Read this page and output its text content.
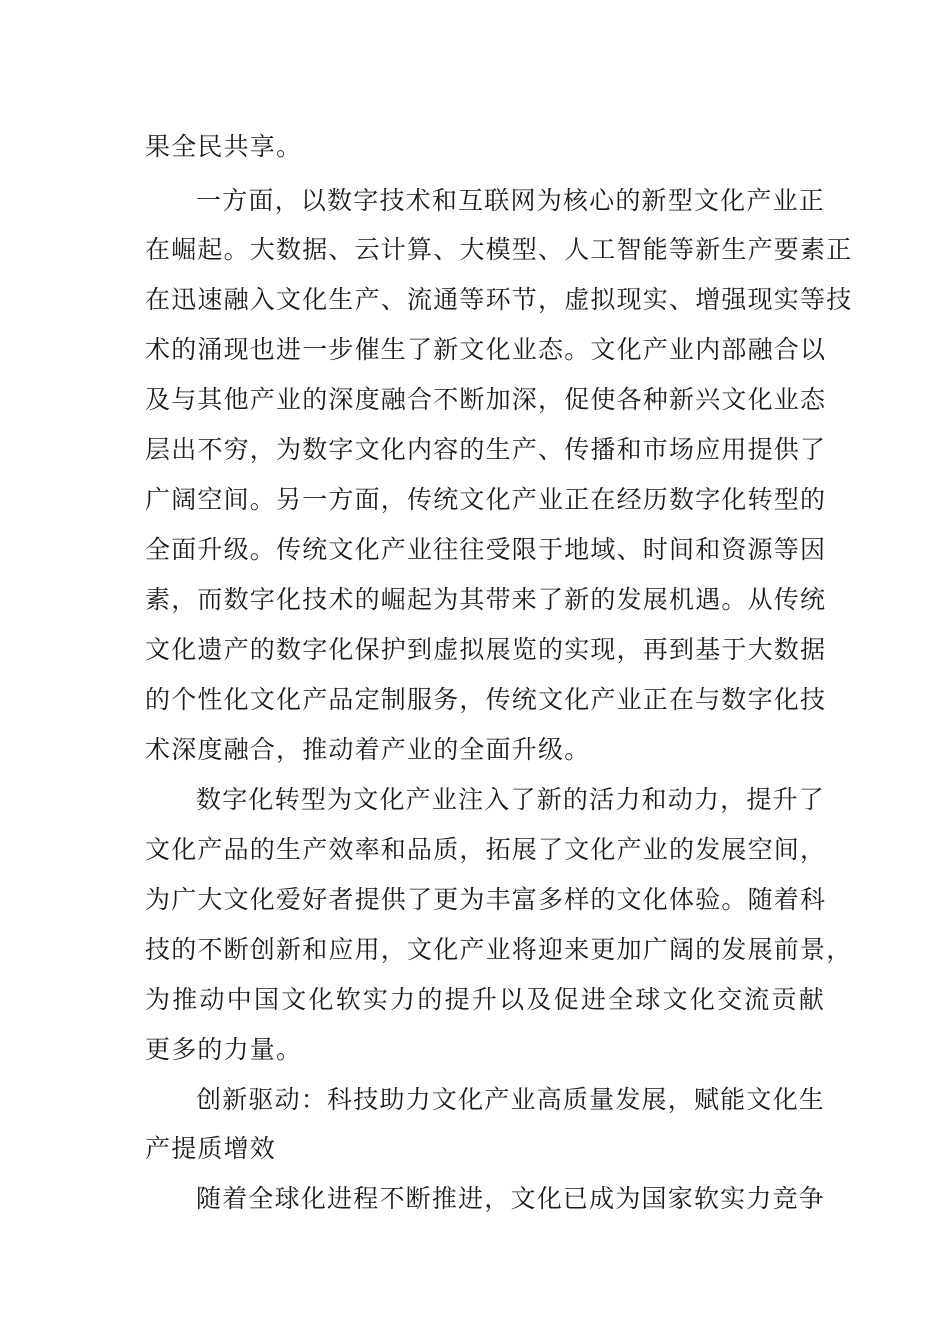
果全民共享。
一方面，以数字技术和互联网为核心的新型文化产业正
在崛起。大数据、云计算、大模型、人工智能等新生产要素正
在迅速融入文化生产、流通等环节，虚拟现实、增强现实等技
术的涌现也进一步催生了新文化业态。文化产业内部融合以
及与其他产业的深度融合不断加深，促使各种新兴文化业态
层出不穷，为数字文化内容的生产、传播和市场应用提供了
广阔空间。另一方面，传统文化产业正在经历数字化转型的
全面升级。传统文化产业往往受限于地域、时间和资源等因
素，而数字化技术的崛起为其带来了新的发展机遇。从传统
文化遗产的数字化保护到虚拟展览的实现，再到基于大数据
的个性化文化产品定制服务，传统文化产业正在与数字化技
术深度融合，推动着产业的全面升级。
数字化转型为文化产业注入了新的活力和动力，提升了
文化产品的生产效率和品质，拓展了文化产业的发展空间，
为广大文化爱好者提供了更为丰富多样的文化体验。随着科
技的不断创新和应用，文化产业将迎来更加广阔的发展前景，
为推动中国文化软实力的提升以及促进全球文化交流贡献
更多的力量。
创新驱动：科技助力文化产业高质量发展，赋能文化生
产提质增效
随着全球化进程不断推进，文化已成为国家软实力竞争
